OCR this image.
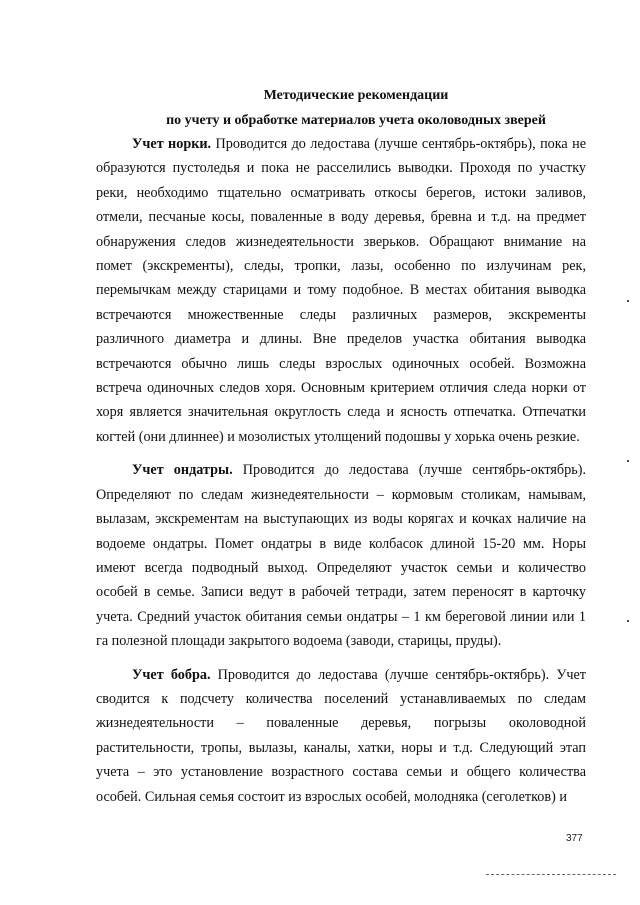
Методические рекомендации

по учету и обработке материалов учета околоводных зверей

Учет норки. Проводится до ледостава (лучше сентябрь-октябрь), пока не образуются пустоледья и пока не расселились выводки. Проходя по участку реки, необходимо тщательно осматривать откосы берегов, истоки заливов, отмели, песчаные косы, поваленные в воду деревья, бревна и т.д. на предмет обнаружения следов жизнедеятельности зверьков. Обращают внимание на помет (экскременты), следы, тропки, лазы, особенно по излучинам рек, перемычкам между старицами и тому подобное. В местах обитания выводка встречаются множественные следы различных размеров, экскременты различного диаметра и длины. Вне пределов участка обитания выводка встречаются обычно лишь следы взрослых одиночных особей. Возможна встреча одиночных следов хоря. Основным критерием отличия следа норки от хоря является значительная округлость следа и ясность отпечатка. Отпечатки когтей (они длиннее) и мозолистых утолщений подошвы у хорька очень резкие.

Учет ондатры. Проводится до ледостава (лучше сентябрь-октябрь). Определяют по следам жизнедеятельности – кормовым столикам, намывам, вылазам, экскрементам на выступающих из воды корягах и кочках наличие на водоеме ондатры. Помет ондатры в виде колбасок длиной 15-20 мм. Норы имеют всегда подводный выход. Определяют участок семьи и количество особей в семье. Записи ведут в рабочей тетради, затем переносят в карточку учета. Средний участок обитания семьи ондатры – 1 км береговой линии или 1 га полезной площади закрытого водоема (заводи, старицы, пруды).

Учет бобра. Проводится до ледостава (лучше сентябрь-октябрь). Учет сводится к подсчету количества поселений устанавливаемых по следам жизнедеятельности – поваленные деревья, погрызы околоводной растительности, тропы, вылазы, каналы, хатки, норы и т.д. Следующий этап учета – это установление возрастного состава семьи и общего количества особей. Сильная семья состоит из взрослых особей, молодняка (сеголетков) и

377
